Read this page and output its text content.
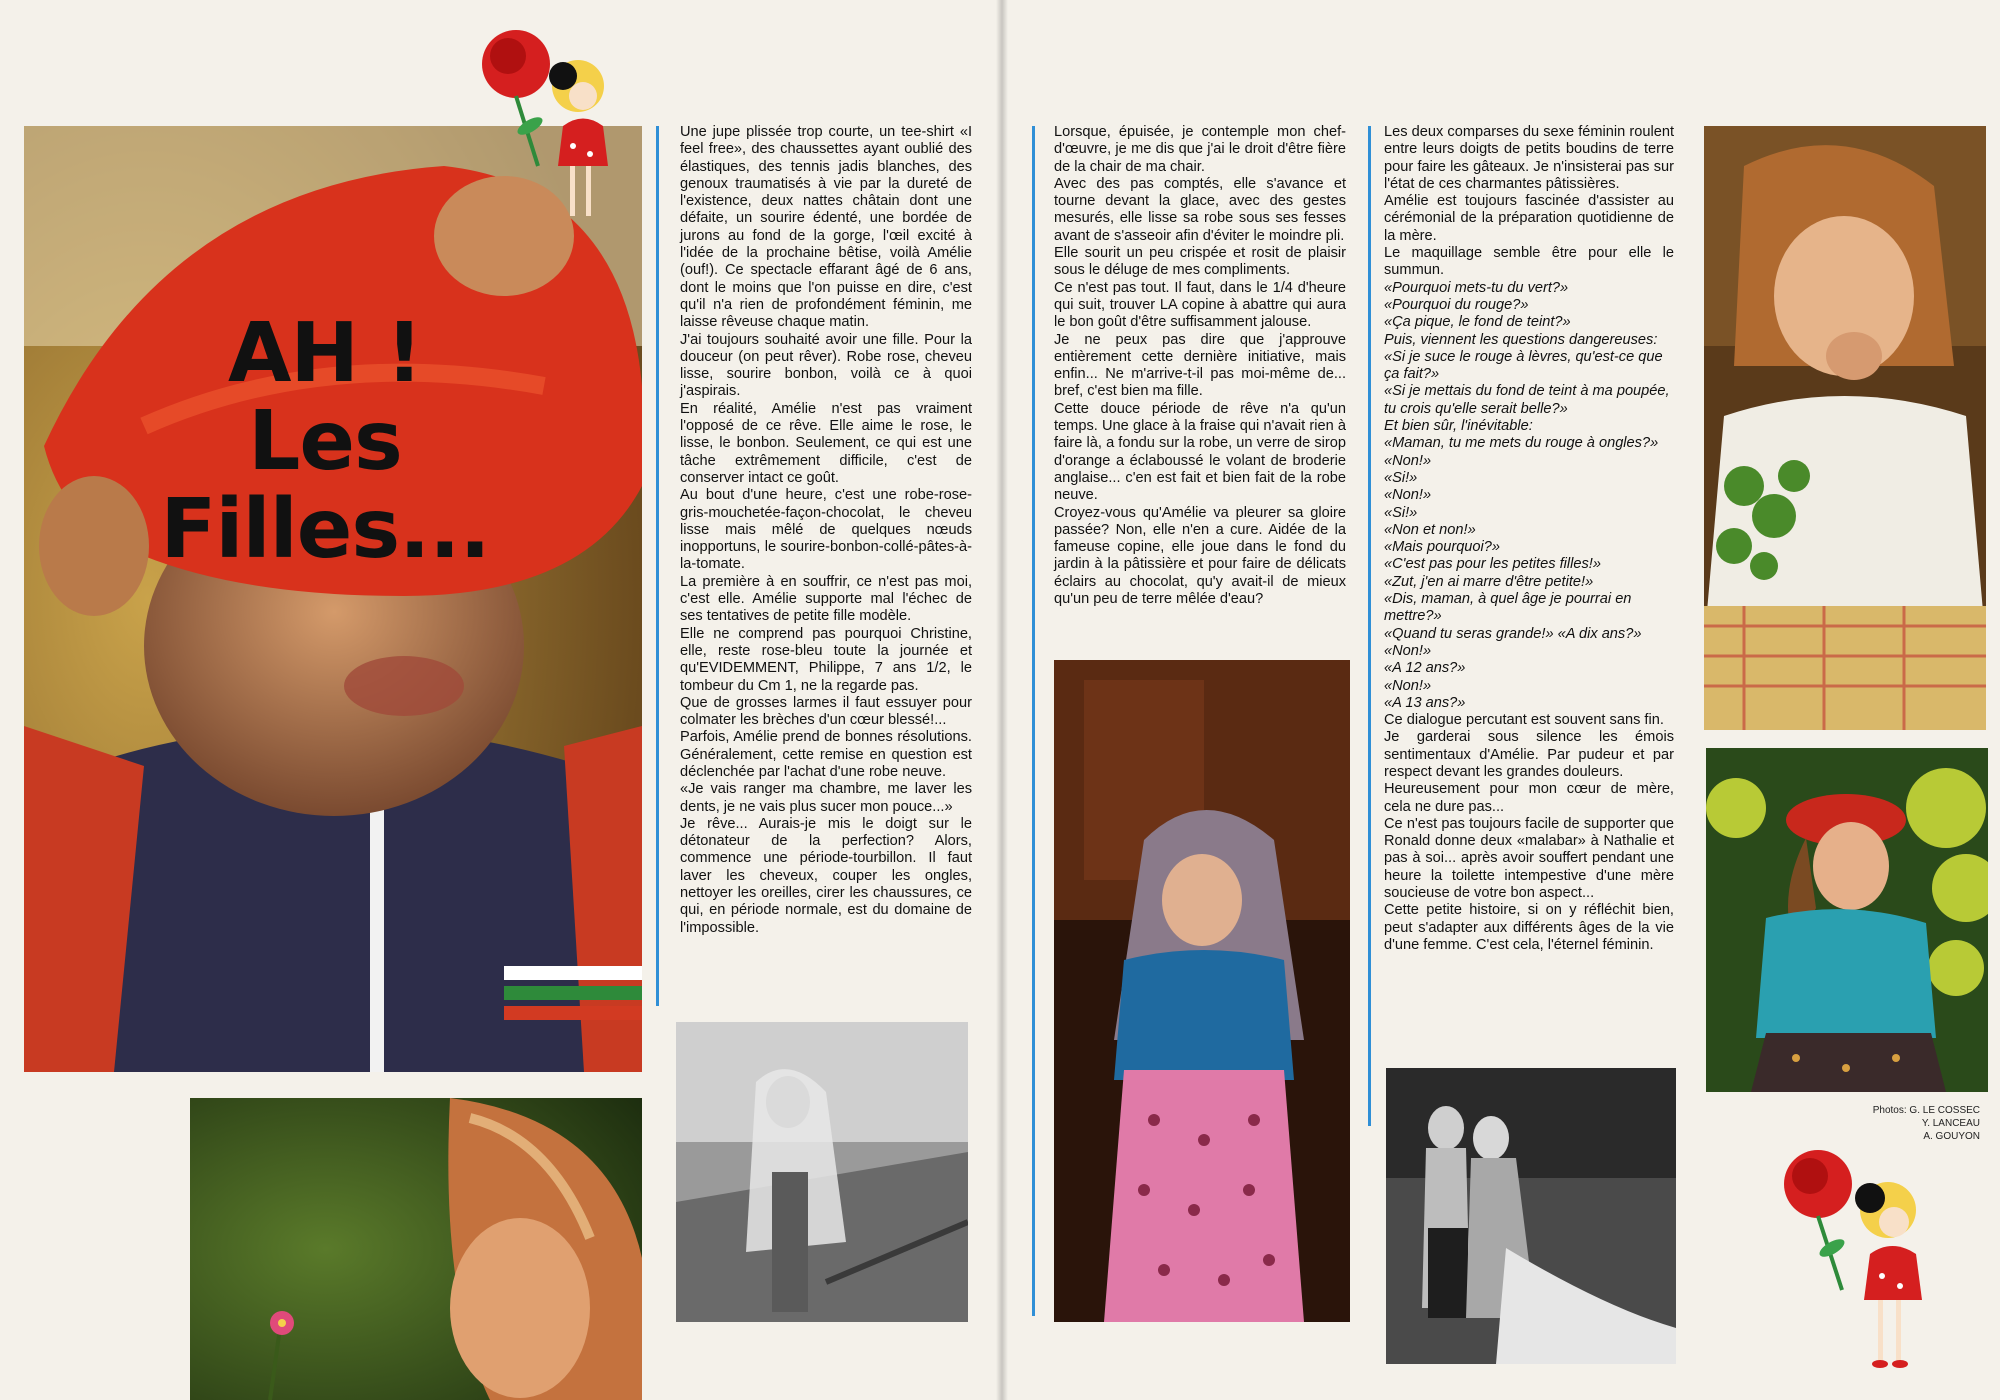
AH !
Les Filles...

Une jupe plissée trop courte, un tee-shirt «I feel free», des chaussettes ayant oublié des élastiques, des tennis jadis blanches, des genoux traumatisés à vie par la dureté de l'existence, deux nattes châtain dont une défaite, un sourire édenté, une bordée de jurons au fond de la gorge, l'œil excité à l'idée de la prochaine bêtise, voilà Amélie (ouf!). Ce spectacle effarant âgé de 6 ans, dont le moins que l'on puisse en dire, c'est qu'il n'a rien de profondément féminin, me laisse rêveuse chaque matin.

J'ai toujours souhaité avoir une fille. Pour la douceur (on peut rêver). Robe rose, cheveu lisse, sourire bonbon, voilà ce à quoi j'aspirais.

En réalité, Amélie n'est pas vraiment l'opposé de ce rêve. Elle aime le rose, le lisse, le bonbon. Seulement, ce qui est une tâche extrêmement difficile, c'est de conserver intact ce goût.

Au bout d'une heure, c'est une robe-rose-gris-mouchetée-façon-chocolat, le cheveu lisse mais mêlé de quelques nœuds inopportuns, le sourire-bonbon-collé-pâtes-à-la-tomate.

La première à en souffrir, ce n'est pas moi, c'est elle. Amélie supporte mal l'échec de ses tentatives de petite fille modèle.

Elle ne comprend pas pourquoi Christine, elle, reste rose-bleu toute la journée et qu'EVIDEMMENT, Philippe, 7 ans 1/2, le tombeur du Cm 1, ne la regarde pas.

Que de grosses larmes il faut essuyer pour colmater les brèches d'un cœur blessé!...

Parfois, Amélie prend de bonnes résolutions. Généralement, cette remise en question est déclenchée par l'achat d'une robe neuve.

«Je vais ranger ma chambre, me laver les dents, je ne vais plus sucer mon pouce...»

Je rêve... Aurais-je mis le doigt sur le détonateur de la perfection? Alors, commence une période-tourbillon. Il faut laver les cheveux, couper les ongles, nettoyer les oreilles, cirer les chaussures, ce qui, en période normale, est du domaine de l'impossible.

Lorsque, épuisée, je contemple mon chef-d'œuvre, je me dis que j'ai le droit d'être fière de la chair de ma chair.

Avec des pas comptés, elle s'avance et tourne devant la glace, avec des gestes mesurés, elle lisse sa robe sous ses fesses avant de s'asseoir afin d'éviter le moindre pli.

Elle sourit un peu crispée et rosit de plaisir sous le déluge de mes compliments.

Ce n'est pas tout. Il faut, dans le 1/4 d'heure qui suit, trouver LA copine à abattre qui aura le bon goût d'être suffisamment jalouse.

Je ne peux pas dire que j'approuve entièrement cette dernière initiative, mais enfin... Ne m'arrive-t-il pas moi-même de... bref, c'est bien ma fille.

Cette douce période de rêve n'a qu'un temps. Une glace à la fraise qui n'avait rien à faire là, a fondu sur la robe, un verre de sirop d'orange a éclaboussé le volant de broderie anglaise... c'en est fait et bien fait de la robe neuve.

Croyez-vous qu'Amélie va pleurer sa gloire passée? Non, elle n'en a cure. Aidée de la fameuse copine, elle joue dans le fond du jardin à la pâtissière et pour faire de délicats éclairs au chocolat, qu'y avait-il de mieux qu'un peu de terre mêlée d'eau?

Les deux comparses du sexe féminin roulent entre leurs doigts de petits boudins de terre pour faire les gâteaux. Je n'insisterai pas sur l'état de ces charmantes pâtissières.

Amélie est toujours fascinée d'assister au cérémonial de la préparation quotidienne de la mère.

Le maquillage semble être pour elle le summun.

«Pourquoi mets-tu du vert?»

«Pourquoi du rouge?»

«Ça pique, le fond de teint?»

Puis, viennent les questions dangereuses:

«Si je suce le rouge à lèvres, qu'est-ce que ça fait?»

«Si je mettais du fond de teint à ma poupée, tu crois qu'elle serait belle?»

Et bien sûr, l'inévitable:

«Maman, tu me mets du rouge à ongles?»

«Non!»

«Si!»

«Non!»

«Si!»

«Non et non!»

«Mais pourquoi?»

«C'est pas pour les petites filles!»

«Zut, j'en ai marre d'être petite!»

«Dis, maman, à quel âge je pourrai en mettre?»

«Quand tu seras grande!» «A dix ans?»

«Non!»

«A 12 ans?»

«Non!»

«A 13 ans?»

Ce dialogue percutant est souvent sans fin.

Je garderai sous silence les émois sentimentaux d'Amélie. Par pudeur et par respect devant les grandes douleurs.

Heureusement pour mon cœur de mère, cela ne dure pas...

Ce n'est pas toujours facile de supporter que Ronald donne deux «malabar» à Nathalie et pas à soi... après avoir souffert pendant une heure la toilette intempestive d'une mère soucieuse de votre bon aspect...

Cette petite histoire, si on y réfléchit bien, peut s'adapter aux différents âges de la vie d'une femme. C'est cela, l'éternel féminin.

Photos: G. LE COSSEC
Y. LANCEAU
A. GOUYON
